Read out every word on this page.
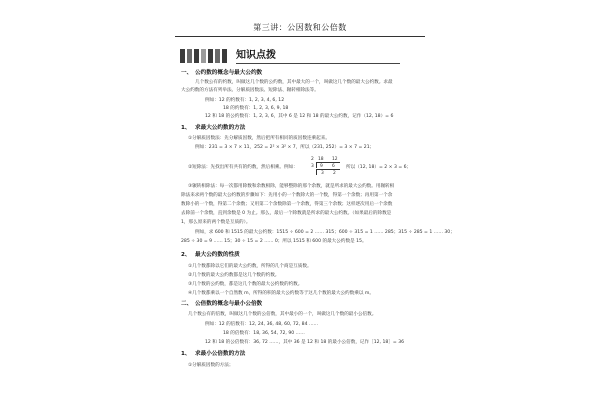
第三讲：公因数和公倍数
知识点拨
一、 公约数的概念与最大公约数
几个数公有的约数，叫做这几个数的公约数，其中最大的一个，叫做这几个数的最大公约数。求最
大公约数的方法有列举法、分解质因数法、短除法、辗转相除法等。
例如：12 的约数有：1, 2, 3, 4, 6, 12
18 的约数有：1, 2, 3, 6, 9, 18
12 和 18 的公约数有：1, 2, 3, 6，其中 6 是 12 和 18 的最大公约数，记作（12, 18）= 6
1、 求最大公约数的方法
①分解质因数法：先分解质因数，然后把所有相同的质因数连乘起来。
例如：231 = 3 × 7 × 11，252 = 2² × 3² × 7，所以（231, 252）= 3 × 7 = 21；
②短除法：先找出所有共有的约数，然后相乘。例如：
2 18 12
3 9 6
3 2
所以（12, 18）= 2 × 3 = 6；
③辗转相除法：每一次都用除数和余数相除，能够整除的那个余数，就是所求的最大公约数。用辗转相
除法来求两个数的最大公约数的步骤如下：先用小的一个数除大的一个数，得第一个余数；再用第一个余
数除小的一个数，得第二个余数；又用第二个余数除第一个余数，得第三个余数；这样逐次用后一个余数
去除前一个余数，直到余数是 0 为止。那么，最后一个除数就是所求的最大公约数。（如果最后的除数是
1，那么原来的两个数是互质的）。
例如，求 600 和 1515 的最大公约数：1515 ÷ 600 = 2 …… 315；600 ÷ 315 = 1 …… 285；315 ÷ 285 = 1 …… 30；
285 ÷ 30 = 9 …… 15；30 ÷ 15 = 2 …… 0；所以 1515 和 600 的最大公约数是 15。
2、 最大公约数的性质
①几个数都除以它们的最大公约数，所得的几个商是互质数。
②几个数的最大公约数都是这几个数的约数。
③几个数的公约数，都是这几个数的最大公约数的约数。
④几个数都乘以一个自然数 m，所得的积的最大公约数等于这几个数的最大公约数乘以 m。
二、 公倍数的概念与最小公倍数
几个数公有的倍数，叫做这几个数的公倍数，其中最小的一个，叫做这几个数的最小公倍数。
例如：12 的倍数有：12, 24, 36, 48, 60, 72, 84 ……
18 的倍数有：18, 36, 54, 72, 90 ……
12 和 18 的公倍数有：36, 72 ……，其中 36 是 12 和 18 的最小公倍数，记作［12, 18］= 36
1、 求最小公倍数的方法
①分解质因数的方法；
